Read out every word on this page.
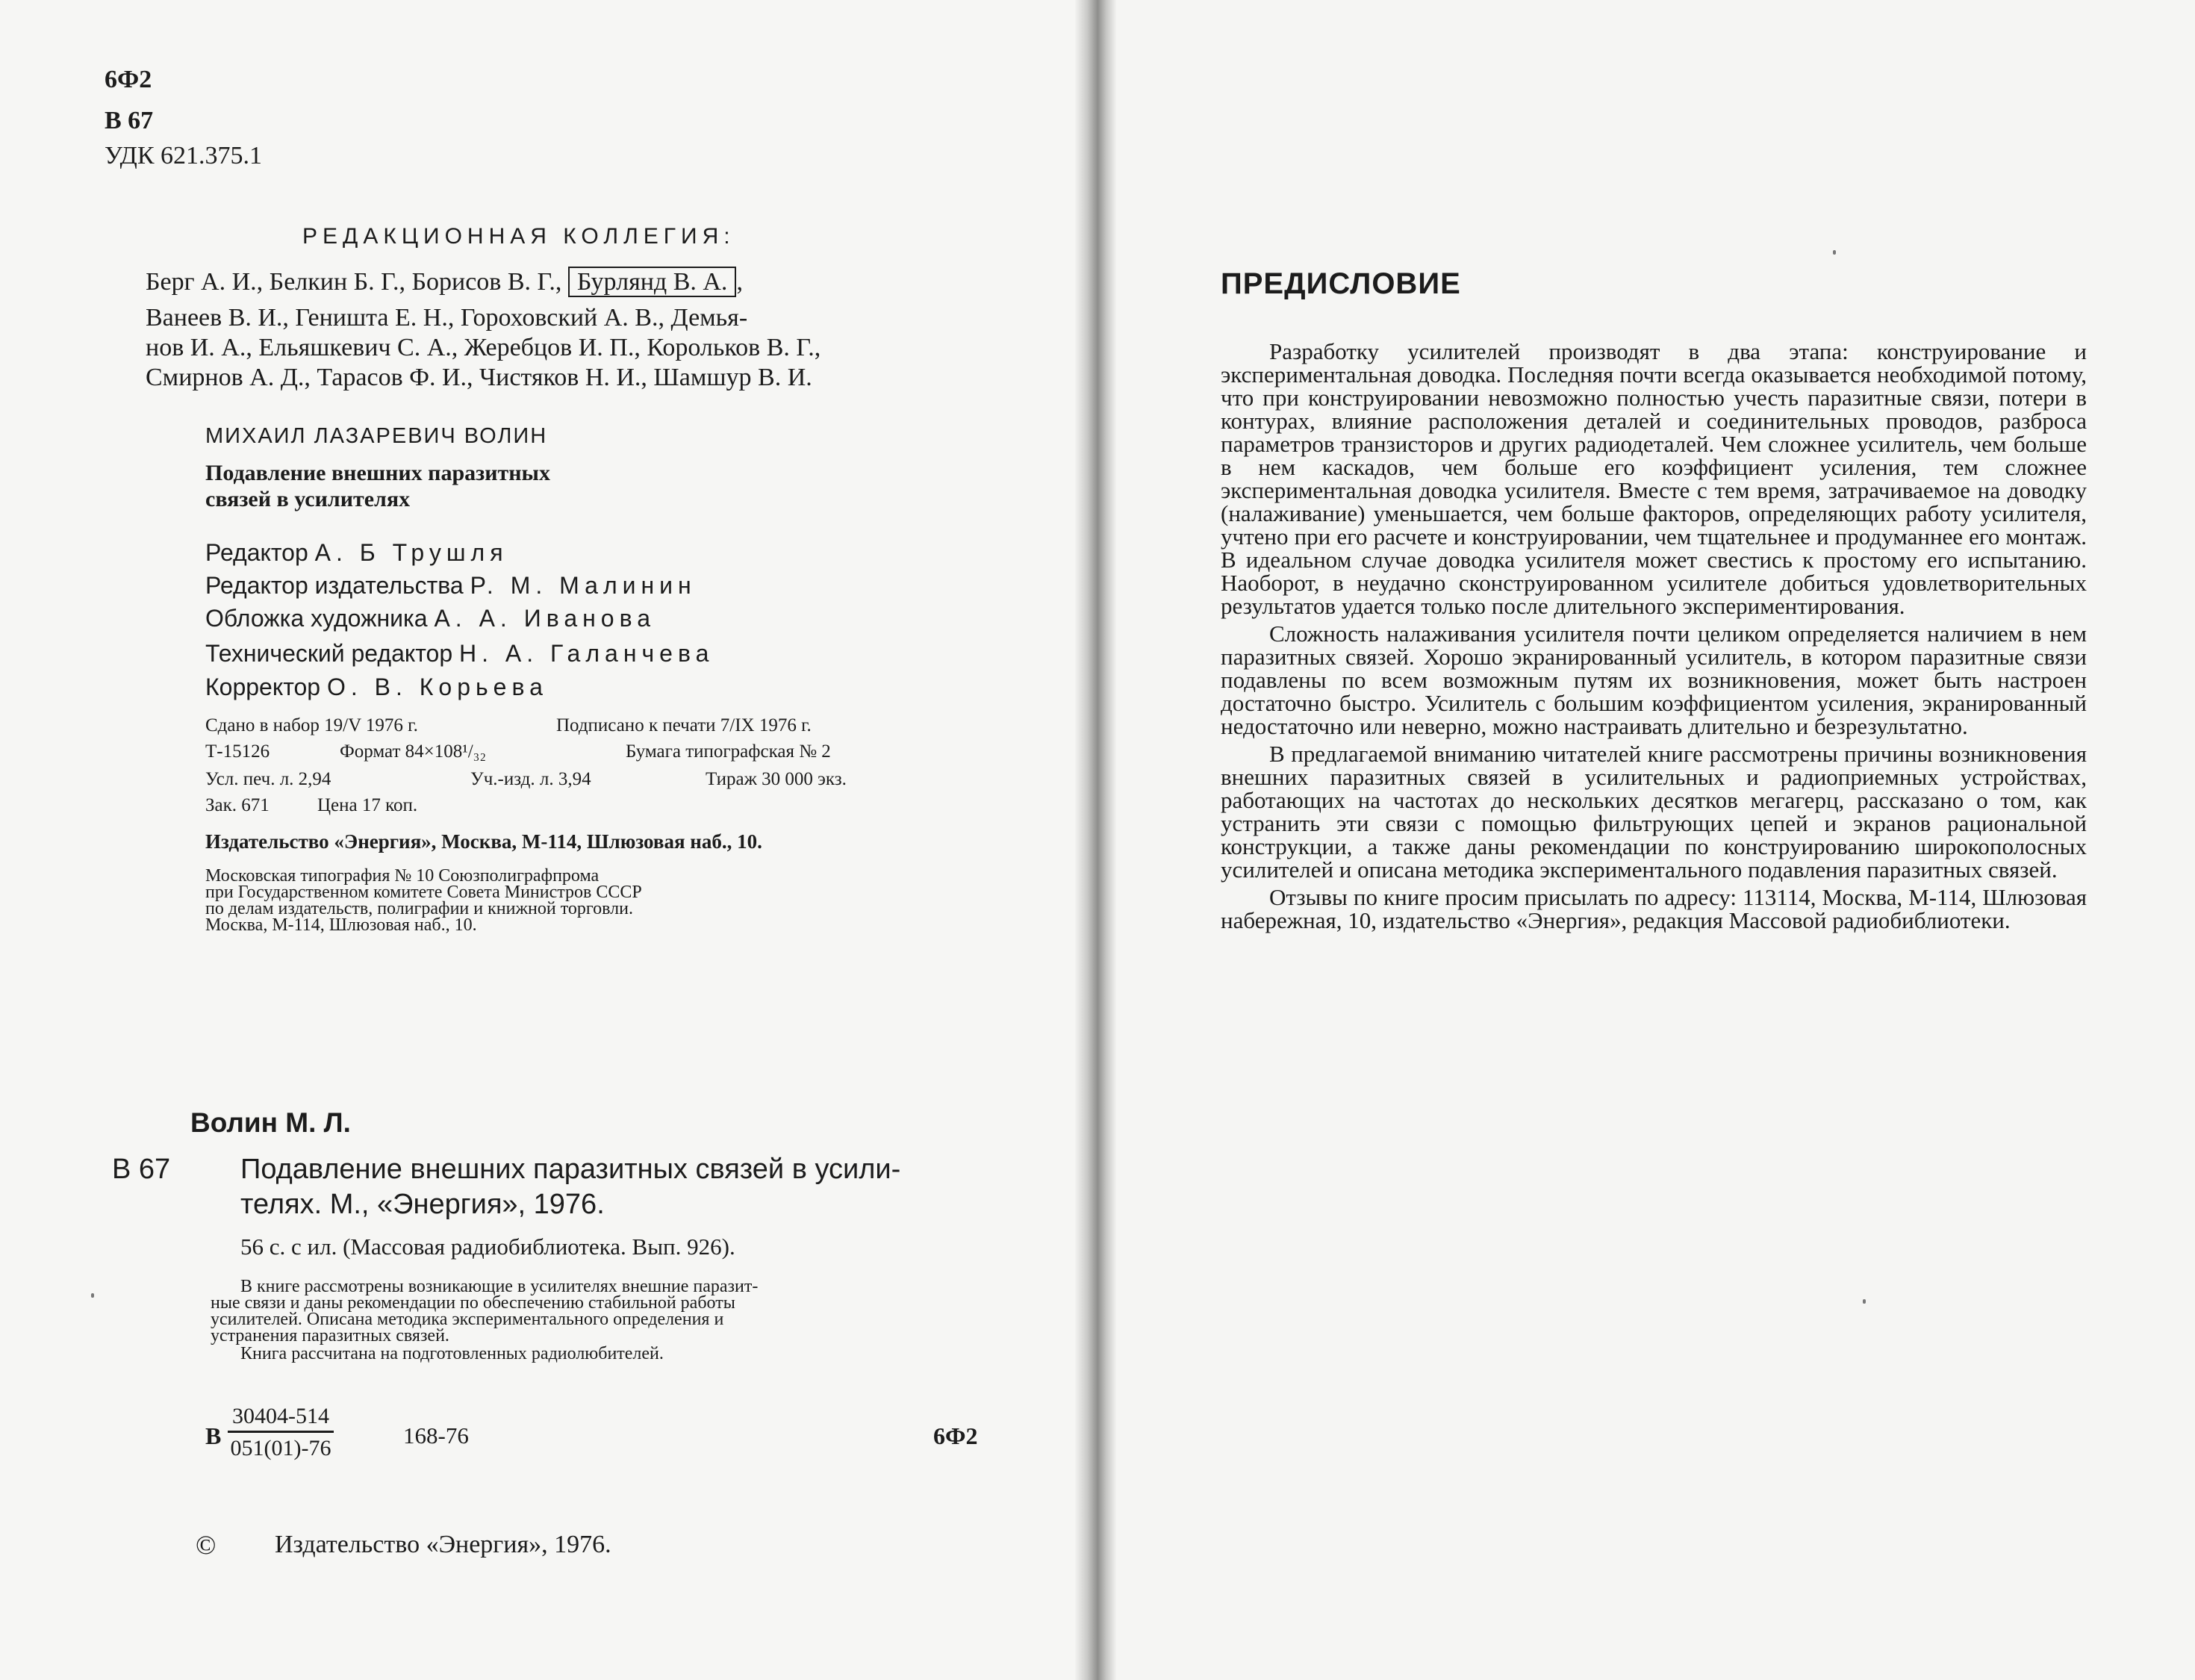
6Ф2
В 67
УДК 621.375.1
РЕДАКЦИОННАЯ КОЛЛЕГИЯ:
Берг А. И., Белкин Б. Г., Борисов В. Г., Бурлянд В. А. ,
Ванеев В. И., Геништа Е. Н., Гороховский А. В., Демья-
нов И. А., Ельяшкевич С. А., Жеребцов И. П., Корольков В. Г.,
Смирнов А. Д., Тарасов Ф. И., Чистяков Н. И., Шамшур В. И.
МИХАИЛ ЛАЗАРЕВИЧ ВОЛИН
Подавление внешних паразитных
связей в усилителях
Редактор А. Б Трушля
Редактор издательства Р. М. Малинин
Обложка художника А. А. Иванова
Технический редактор Н. А. Галанчева
Корректор О. В. Корьева
Сдано в набор 19/V 1976 г.	Подписано к печати 7/IX 1976 г.
Т-15126	Формат 84×108¹/₃₂	Бумага типографская № 2
Усл. печ. л. 2,94	Уч.-изд. л. 3,94	Тираж 30 000 экз.
Зак. 671	Цена 17 коп.
Издательство «Энергия», Москва, М-114, Шлюзовая наб., 10.
Московская типография № 10 Союзполиграфпрома
при Государственном комитете Совета Министров СССР
по делам издательств, полиграфии и книжной торговли.
Москва, М-114, Шлюзовая наб., 10.
Волин М. Л.
В 67 Подавление внешних паразитных связей в усили-
телях. М., «Энергия», 1976.
56 с. с ил. (Массовая радиобиблиотека. Вып. 926).
В книге рассмотрены возникающие в усилителях внешние паразит-
ные связи и даны рекомендации по обеспечению стабильной работы
усилителей. Описана методика экспериментального определения и
устранения паразитных связей.
Книга рассчитана на подготовленных радиолюбителей.
В $\frac{30404-514}{051(01)-76}$	168-76	6Ф2
© Издательство «Энергия», 1976.
ПРЕДИСЛОВИЕ

Разработку усилителей производят в два этапа: конструирование и экспериментальная доводка. Последняя почти всегда оказывается необходимой потому, что при конструировании невозможно полностью учесть паразитные связи, потери в контурах, влияние расположения деталей и соединительных проводов, разброса параметров транзисторов и других радиодеталей. Чем сложнее усилитель, чем больше в нем каскадов, чем больше его коэффициент усиления, тем сложнее экспериментальная доводка усилителя. Вместе с тем время, затрачиваемое на доводку (налаживание) уменьшается, чем больше факторов, определяющих работу усилителя, учтено при его расчете и конструировании, чем тщательнее и продуманнее его монтаж. В идеальном случае доводка усилителя может свестись к простому его испытанию. Наоборот, в неудачно сконструированном усилителе добиться удовлетворительных результатов удается только после длительного экспериментирования.

Сложность налаживания усилителя почти целиком определяется наличием в нем паразитных связей. Хорошо экранированный усилитель, в котором паразитные связи подавлены по всем возможным путям их возникновения, может быть настроен достаточно быстро. Усилитель с большим коэффициентом усиления, экранированный недостаточно или неверно, можно настраивать длительно и безрезультатно.

В предлагаемой вниманию читателей книге рассмотрены причины возникновения внешних паразитных связей в усилительных и радиоприемных устройствах, работающих на частотах до нескольких десятков мегагерц, рассказано о том, как устранить эти связи с помощью фильтрующих цепей и экранов рациональной конструкции, а также даны рекомендации по конструированию широкополосных усилителей и описана методика экспериментального подавления паразитных связей.

Отзывы по книге просим присылать по адресу: 113114, Москва, М-114, Шлюзовая набережная, 10, издательство «Энергия», редакция Массовой радиобиблиотеки.
